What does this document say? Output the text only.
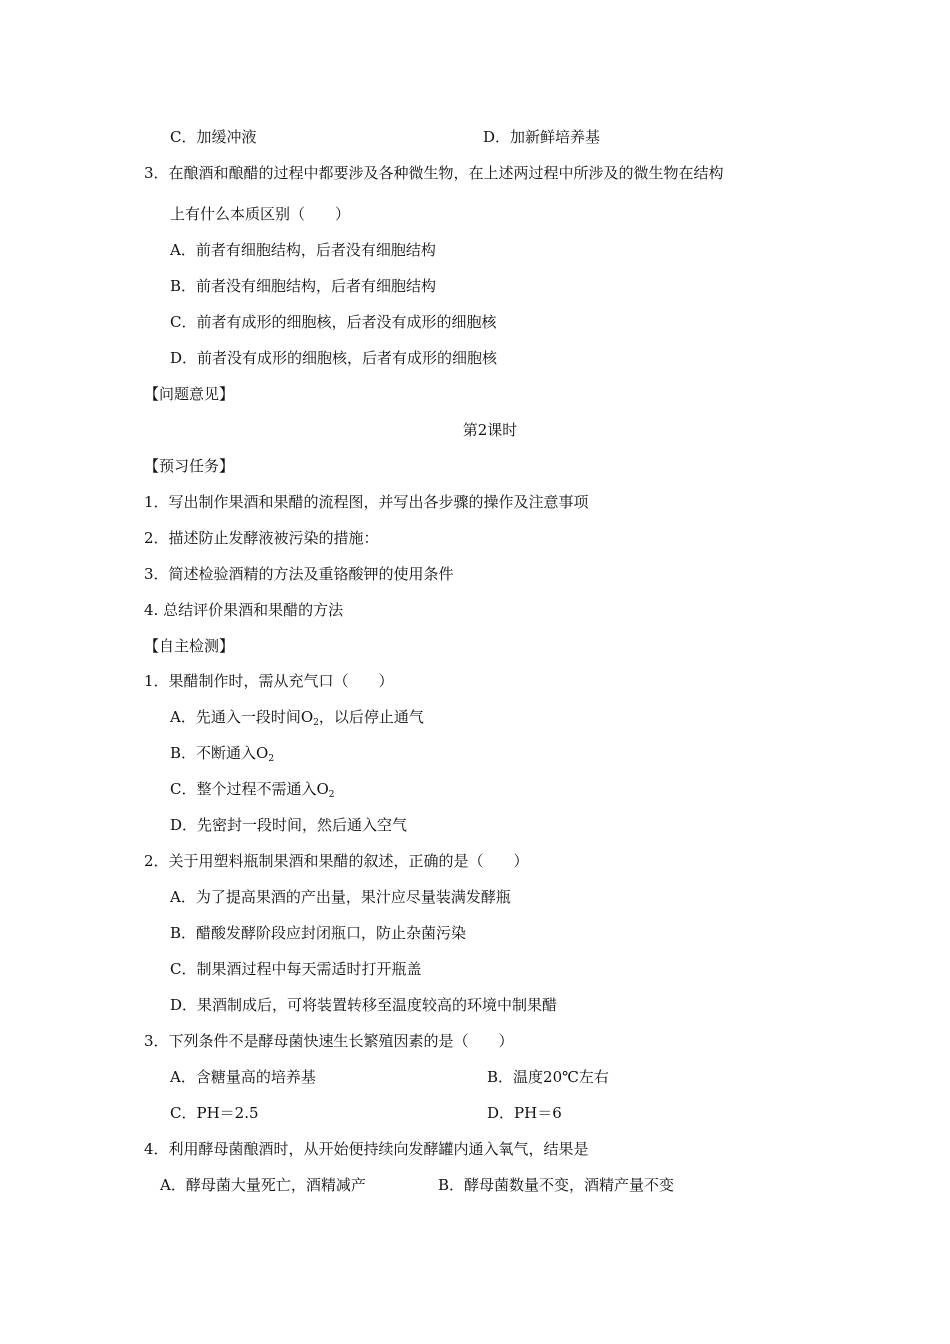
C．加缓冲液	D．加新鲜培养基
3．在酿酒和酿醋的过程中都要涉及各种微生物，在上述两过程中所涉及的微生物在结构
上有什么本质区别（　　）
A．前者有细胞结构，后者没有细胞结构
B．前者没有细胞结构，后者有细胞结构
C．前者有成形的细胞核，后者没有成形的细胞核
D．前者没有成形的细胞核，后者有成形的细胞核
【问题意见】
第2课时
【预习任务】
1．写出制作果酒和果醋的流程图，并写出各步骤的操作及注意事项
2．描述防止发酵液被污染的措施：
3．简述检验酒精的方法及重铬酸钾的使用条件
4. 总结评价果酒和果醋的方法
【自主检测】
1．果醋制作时，需从充气口（　　）
A．先通入一段时间$O_2$，以后停止通气
B．不断通入$O_2$
C．整个过程不需通入$O_2$
D．先密封一段时间，然后通入空气
2．关于用塑料瓶制果酒和果醋的叙述，正确的是（　　）
A．为了提高果酒的产出量，果汁应尽量装满发酵瓶
B．醋酸发酵阶段应封闭瓶口，防止杂菌污染
C．制果酒过程中每天需适时打开瓶盖
D．果酒制成后，可将装置转移至温度较高的环境中制果醋
3．下列条件不是酵母菌快速生长繁殖因素的是（　　）
A．含糖量高的培养基	B．温度20℃左右
C．PH＝2.5	D．PH＝6
4．利用酵母菌酿酒时，从开始便持续向发酵罐内通入氧气，结果是
A．酵母菌大量死亡，酒精减产	B．酵母菌数量不变，酒精产量不变
